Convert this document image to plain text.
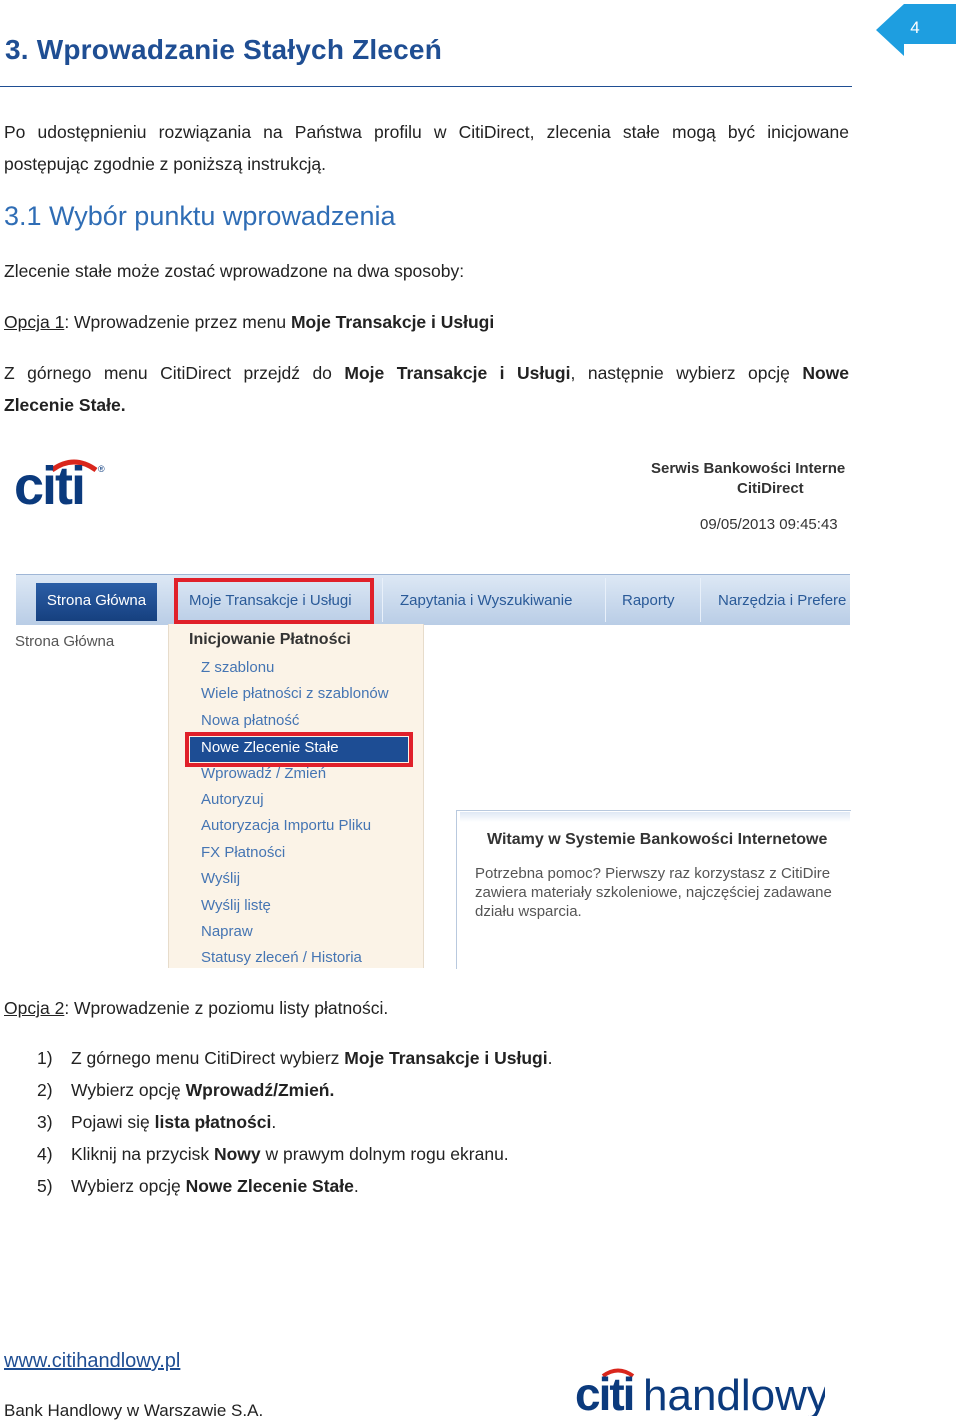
4
3. Wprowadzanie Stałych Zleceń
Po udostępnieniu rozwiązania na Państwa profilu w CitiDirect, zlecenia stałe mogą być inicjowane
postępując zgodnie z poniższą instrukcją.
3.1 Wybór punktu wprowadzenia
Zlecenie stałe może zostać wprowadzone na dwa sposoby:
Opcja 1: Wprowadzenie przez menu Moje Transakcje i Usługi
Z górnego menu CitiDirect przejdź do Moje Transakcje i Usługi, następnie wybierz opcję Nowe
Zlecenie Stałe.
citi ®	Serwis Bankowości Interne
CitiDirect
09/05/2013 09:45:43
Strona Główna	Moje Transakcje i Usługi	Zapytania i Wyszukiwanie	Raporty	Narzędzia i Prefere
Strona Główna	Inicjowanie Płatności
Z szablonu
Wiele płatności z szablonów
Nowa płatność
Nowe Zlecenie Stałe
Wprowadź / Zmień
Autoryzuj
Autoryzacja Importu Pliku
FX Płatności
Wyślij
Wyślij listę
Napraw
Statusy zleceń / Historia
Witamy w Systemie Bankowości Internetowe
Potrzebna pomoc? Pierwszy raz korzystasz z CitiDire
zawiera materiały szkoleniowe, najczęściej zadawane
działu wsparcia.
Opcja 2: Wprowadzenie z poziomu listy płatności.
1) Z górnego menu CitiDirect wybierz Moje Transakcje i Usługi.
2) Wybierz opcję Wprowadź/Zmień.
3) Pojawi się lista płatności.
4) Kliknij na przycisk Nowy w prawym dolnym rogu ekranu.
5) Wybierz opcję Nowe Zlecenie Stałe.
www.citihandlowy.pl
Bank Handlowy w Warszawie S.A.	citi handlowy
